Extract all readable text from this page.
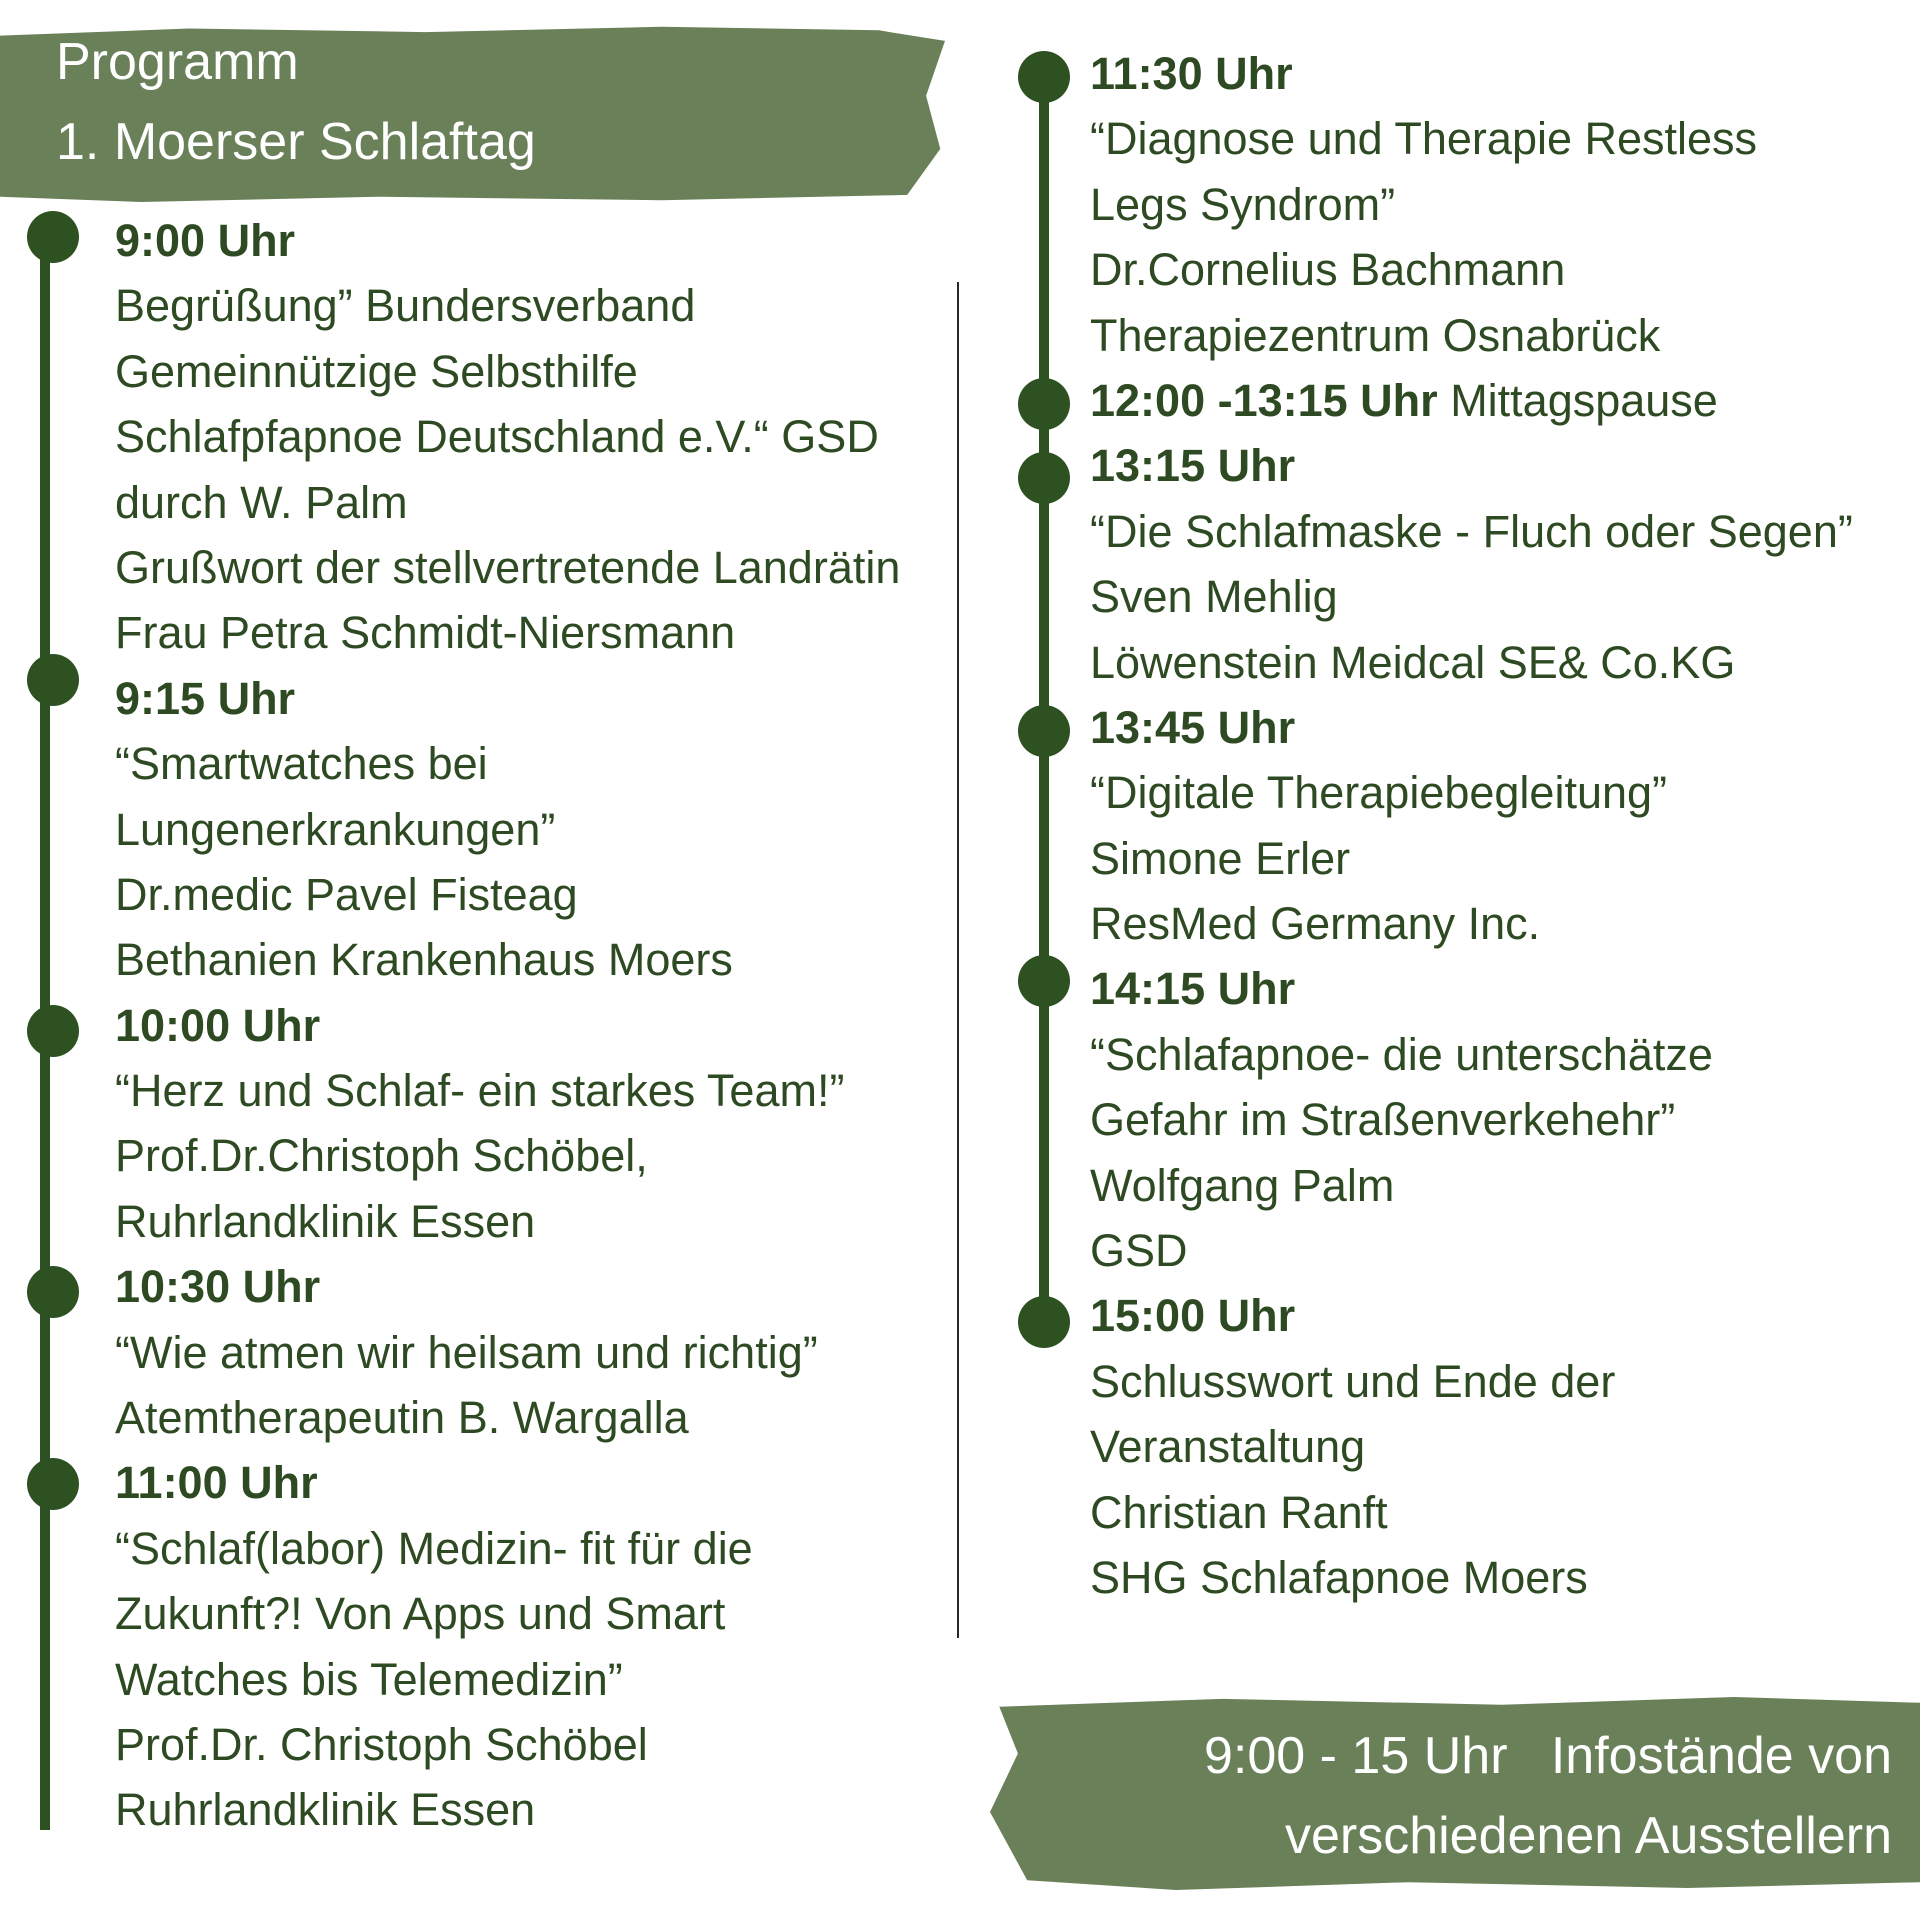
Programm
1. Moerser Schlaftag
9:00 Uhr
Begrüßung” Bundersverband
Gemeinnützige Selbsthilfe
Schlafpfapnoe Deutschland e.V.“ GSD
durch W. Palm
Grußwort der stellvertretende Landrätin
Frau Petra Schmidt-Niersmann
9:15 Uhr
“Smartwatches bei
Lungenerkrankungen”
Dr.medic Pavel Fisteag
Bethanien Krankenhaus Moers
10:00 Uhr
“Herz und Schlaf- ein starkes Team!”
Prof.Dr.Christoph Schöbel,
Ruhrlandklinik Essen
10:30 Uhr
“Wie atmen wir heilsam und richtig”
Atemtherapeutin B. Wargalla
11:00 Uhr
“Schlaf(labor) Medizin- fit für die
Zukunft?! Von Apps und Smart
Watches bis Telemedizin”
Prof.Dr. Christoph Schöbel
Ruhrlandklinik Essen
11:30 Uhr
“Diagnose und Therapie Restless
Legs Syndrom”
Dr.Cornelius Bachmann
Therapiezentrum Osnabrück
12:00 -13:15 Uhr Mittagspause
13:15 Uhr
“Die Schlafmaske - Fluch oder Segen”
Sven Mehlig
Löwenstein Meidcal SE& Co.KG
13:45 Uhr
“Digitale Therapiebegleitung”
Simone Erler
ResMed Germany Inc.
14:15 Uhr
“Schlafapnoe- die unterschätze
Gefahr im Straßenverkehehr”
Wolfgang Palm
GSD
15:00 Uhr
Schlusswort und Ende der
Veranstaltung
Christian Ranft
SHG Schlafapnoe Moers
9:00 - 15 Uhr   Infostände von
verschiedenen Ausstellern
